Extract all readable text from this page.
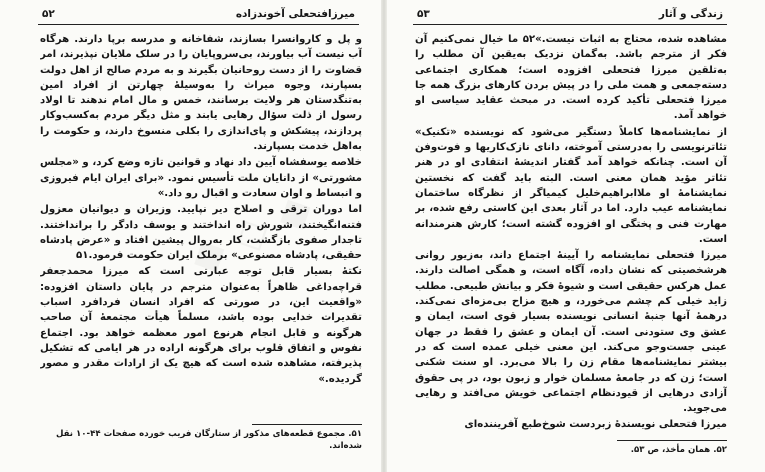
میرزافتحعلی آخوندزاده
۵۲

و پل و کاروانسرا بسازند، شفاخانه و مدرسه برپا دارند. هرگاه آب نیست آب بیاورند، بی‌سروپایان را در سلک ملایان نپذیرند، امر قضاوت را از دست روحانیان بگیرند و به مردم صالح از اهل دولت بسپارند، وجوه میراث را به‌وسیلهٔ چهارتن از افراد امین به‌تنگدستان هر ولایت برسانند، خمس و مال امام ندهند تا اولاد رسول از ذلت سؤال رهایی یابند و مثل دیگر مردم به‌کسب‌وکار پردازند، پیشکش و پای‌اندازی را بکلی منسوخ دارند، و حکومت را به‌اهل خدمت بسپارند.

خلاصه یوسفشاه آیین داد نهاد و قوانین تازه وضع کرد، و «مجلس مشورتی» از دانایان ملت تأسیس نمود. «برای ایران ایام فیروزی و انبساط و اوان سعادت و اقبال رو داد.»

اما دوران ترقی و اصلاح دیر نپایید. وزیران و دیوانیان معزول فتنه‌انگیختند، شورش راه انداختند و یوسف دادگر را برانداختند. تاجدار صفوی بازگشت، کار به‌روال پیشین افتاد و «عرض پادشاه حقیقی، پادشاه مصنوعی» برملک ایران حکومت فرمود.۵۱

نکتهٔ بسیار قابل توجه عبارتی است که میرزا محمدجعفر قراچه‌داغی ظاهراً به‌عنوان مترجم در پایان داستان افزوده: «واقعیت این، در صورتی که افراد انسان فردافرد اسباب تقدیرات خدایی بوده باشد، مسلماً هیأت مجتمعهٔ آن صاحب هرگونه و قابل انجام هرنوع امور معظمه خواهد بود. اجتماع نفوس و اتفاق قلوب برای هرگونه اراده در هر ایامی که تشکیل پذیرفته، مشاهده شده است که هیچ یک از ارادات مقدر و مصور گردیده.»

۵۱. مجموع قطعه‌های مذکور از ستارگان فریب خورده صفحات ۴۴-۱۰ نقل شده‌اند.
زندگی و آثار
۵۳

مشاهده شده، محتاج به اثبات نیست.»۵۲ ما خیال نمی‌کنیم آن فکر از مترجم باشد. به‌گمان نزدیک به‌یقین آن مطلب را به‌تلقین میرزا فتحعلی افزوده است؛ همکاری اجتماعی دسته‌جمعی و همت ملی را در پیش بردن کارهای بزرگ همه جا میرزا فتحعلی تأکید کرده است. در مبحث عقاید سیاسی او خواهد آمد.

از نمایشنامه‌ها کاملاً دستگیر می‌شود که نویسنده «تکنیک» تئاترنویسی را به‌درستی آموخته، دانای نازک‌کاریها و فوت‌وفن آن است. چنانکه خواهد آمد گفتار اندیشهٔ انتقادی او در هنر تئاتر مؤید همان معنی است. البته باید گفت که نخستین نمایشنامهٔ او ملاابراهیم‌خلیل کیمیاگر از نظرگاه ساختمان نمایشنامه عیب دارد. اما در آثار بعدی این کاستی رفع شده، بر مهارت فنی و پختگی او افزوده گشته است؛ کارش هنرمندانه است.

میرزا فتحعلی نمایشنامه را آیینهٔ اجتماع داند، به‌زیور روانی هرشخصیتی که نشان داده، آگاه است، و همگی اصالت دارند. عمل هرکس حقیقی است و شیوهٔ فکر و بیانش طبیعی. مطلب زاید خیلی کم چشم می‌خورد، و هیچ مزاح بی‌مزه‌ای نمی‌کند. درهمهٔ آنها جنبهٔ انسانی نویسنده بسیار قوی است، ایمان و عشق وی ستودنی است. آن ایمان و عشق را فقط در جهان عینی جست‌وجو می‌کند. این معنی خیلی عمده است که در بیشتر نمایشنامه‌ها مقام زن را بالا می‌برد. او سنت شکنی است؛ زن که در جامعهٔ مسلمان خوار و زبون بود، در پی حقوق آزادی درهایی از قیودنظام اجتماعی خویش می‌افتد و رهایی می‌جوید.

میرزا فتحعلی نویسندهٔ زبردست شوخ‌طبع آفریننده‌ای

۵۲. همان مأخذ، ص ۵۳.
